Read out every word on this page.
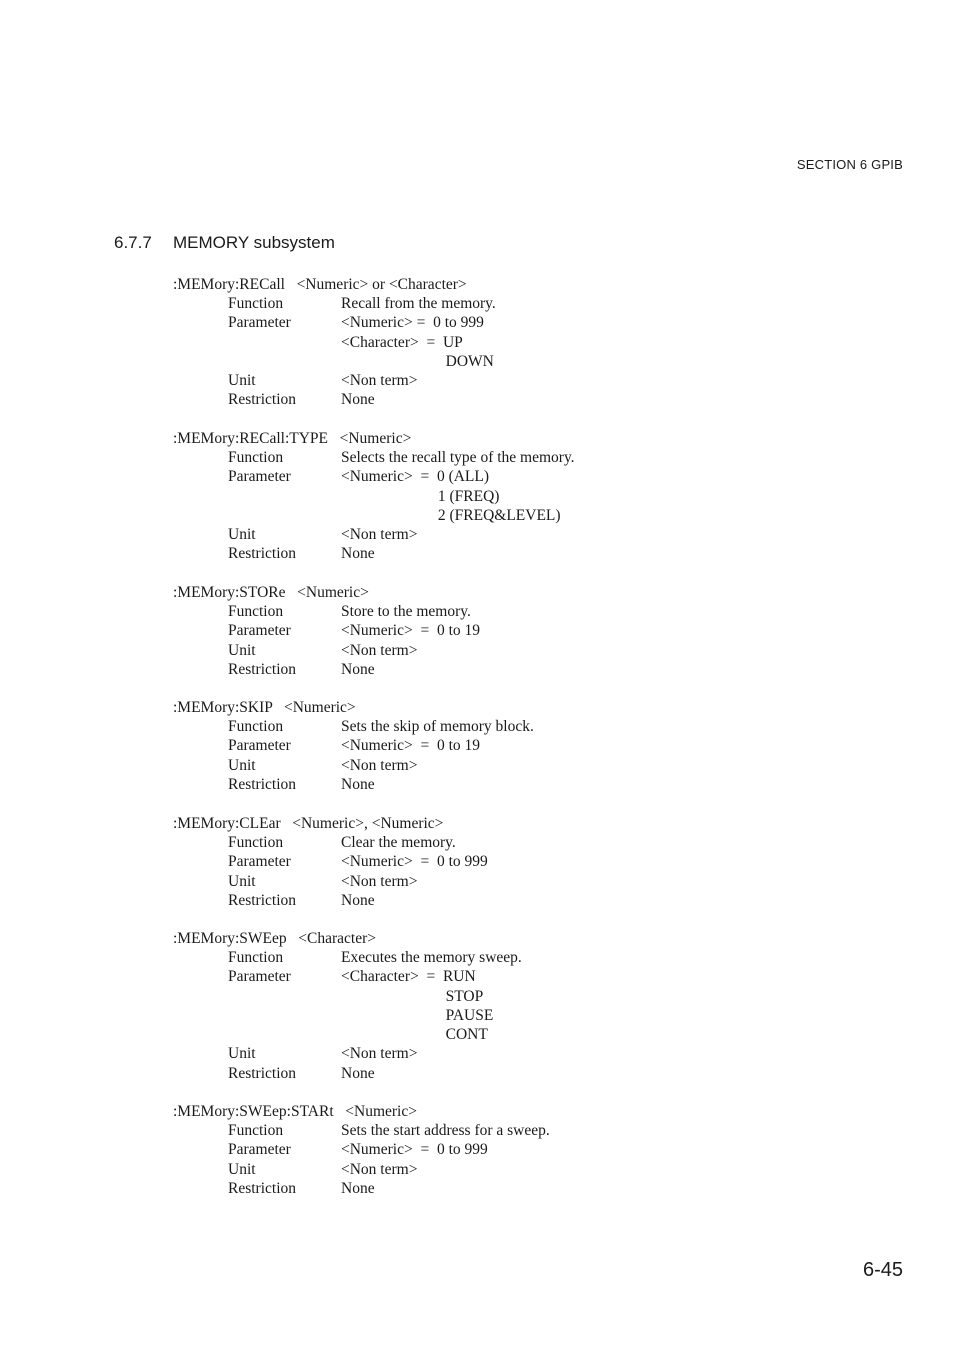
SECTION 6 GPIB
6.7.7 MEMORY subsystem
:MEMory:RECall   <Numeric> or <Character>
Function	Recall from the memory.
Parameter	<Numeric> =  0 to 999
<Character>  =  UP
DOWN
Unit	<Non term>
Restriction	None
:MEMory:RECall:TYPE   <Numeric>
Function	Selects the recall type of the memory.
Parameter	<Numeric>  =  0 (ALL)
1 (FREQ)
2 (FREQ&LEVEL)
Unit	<Non term>
Restriction	None
:MEMory:STORe   <Numeric>
Function	Store to the memory.
Parameter	<Numeric>  =  0 to 19
Unit	<Non term>
Restriction	None
:MEMory:SKIP   <Numeric>
Function	Sets the skip of memory block.
Parameter	<Numeric>  =  0 to 19
Unit	<Non term>
Restriction	None
:MEMory:CLEar   <Numeric>, <Numeric>
Function	Clear the memory.
Parameter	<Numeric>  =  0 to 999
Unit	<Non term>
Restriction	None
:MEMory:SWEep   <Character>
Function	Executes the memory sweep.
Parameter	<Character>  =  RUN
STOP
PAUSE
CONT
Unit	<Non term>
Restriction	None
:MEMory:SWEep:STARt   <Numeric>
Function	Sets the start address for a sweep.
Parameter	<Numeric>  =  0 to 999
Unit	<Non term>
Restriction	None
6-45
